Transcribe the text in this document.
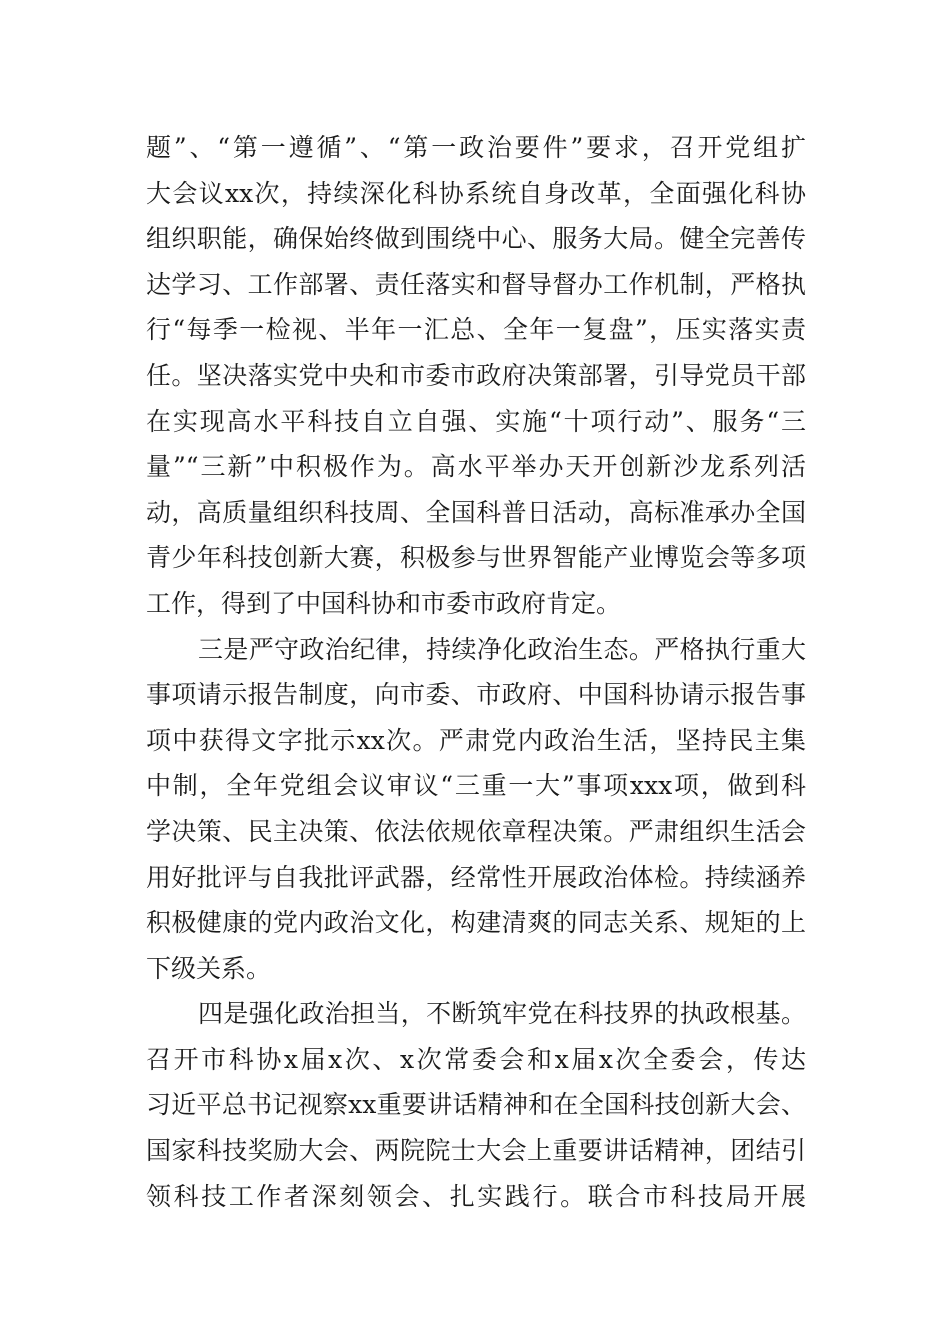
题”、“第一遵循”、“第一政治要件”要求，召开党组扩
大会议xx次，持续深化科协系统自身改革，全面强化科协
组织职能，确保始终做到围绕中心、服务大局。健全完善传
达学习、工作部署、责任落实和督导督办工作机制，严格执
行“每季一检视、半年一汇总、全年一复盘”，压实落实责
任。坚决落实党中央和市委市政府决策部署，引导党员干部
在实现高水平科技自立自强、实施“十项行动”、服务“三
量”“三新”中积极作为。高水平举办天开创新沙龙系列活
动，高质量组织科技周、全国科普日活动，高标准承办全国
青少年科技创新大赛，积极参与世界智能产业博览会等多项
工作，得到了中国科协和市委市政府肯定。
三是严守政治纪律，持续净化政治生态。严格执行重大
事项请示报告制度，向市委、市政府、中国科协请示报告事
项中获得文字批示xx次。严肃党内政治生活，坚持民主集
中制，全年党组会议审议“三重一大”事项xxx项，做到科
学决策、民主决策、依法依规依章程决策。严肃组织生活会
用好批评与自我批评武器，经常性开展政治体检。持续涵养
积极健康的党内政治文化，构建清爽的同志关系、规矩的上
下级关系。
四是强化政治担当，不断筑牢党在科技界的执政根基。
召开市科协x届x次、x次常委会和x届x次全委会，传达
习近平总书记视察xx重要讲话精神和在全国科技创新大会、
国家科技奖励大会、两院院士大会上重要讲话精神，团结引
领科技工作者深刻领会、扎实践行。联合市科技局开展
